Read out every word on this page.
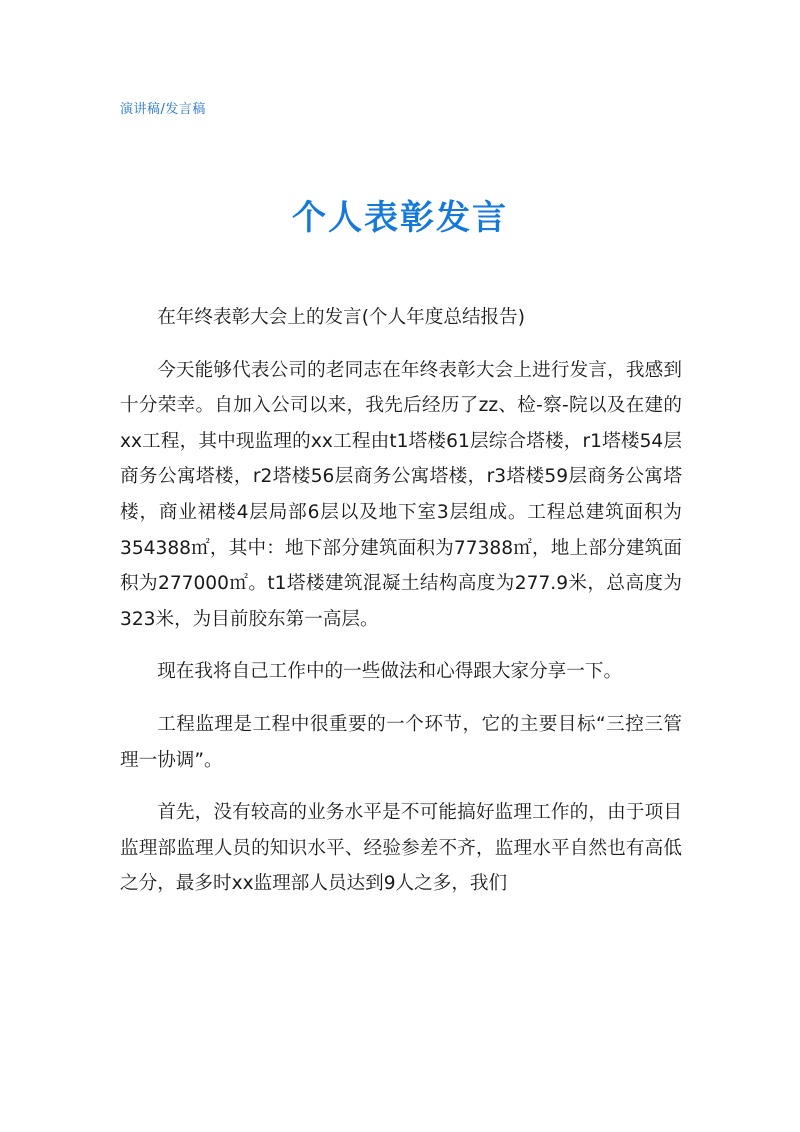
演讲稿/发言稿
个人表彰发言

在年终表彰大会上的发言(个人年度总结报告)

今天能够代表公司的老同志在年终表彰大会上进行发言，我感到十分荣幸。自加入公司以来，我先后经历了zz、检-察-院以及在建的xx工程，其中现监理的xx工程由t1塔楼61层综合塔楼，r1塔楼54层商务公寓塔楼，r2塔楼56层商务公寓塔楼，r3塔楼59层商务公寓塔楼，商业裙楼4层局部6层以及地下室3层组成。工程总建筑面积为354388㎡，其中：地下部分建筑面积为77388㎡，地上部分建筑面积为277000㎡。t1塔楼建筑混凝土结构高度为277.9米，总高度为323米，为目前胶东第一高层。

现在我将自己工作中的一些做法和心得跟大家分享一下。

工程监理是工程中很重要的一个环节，它的主要目标“三控三管理一协调”。

首先，没有较高的业务水平是不可能搞好监理工作的，由于项目监理部监理人员的知识水平、经验参差不齐，监理水平自然也有高低之分，最多时xx监理部人员达到9人之多，我们
